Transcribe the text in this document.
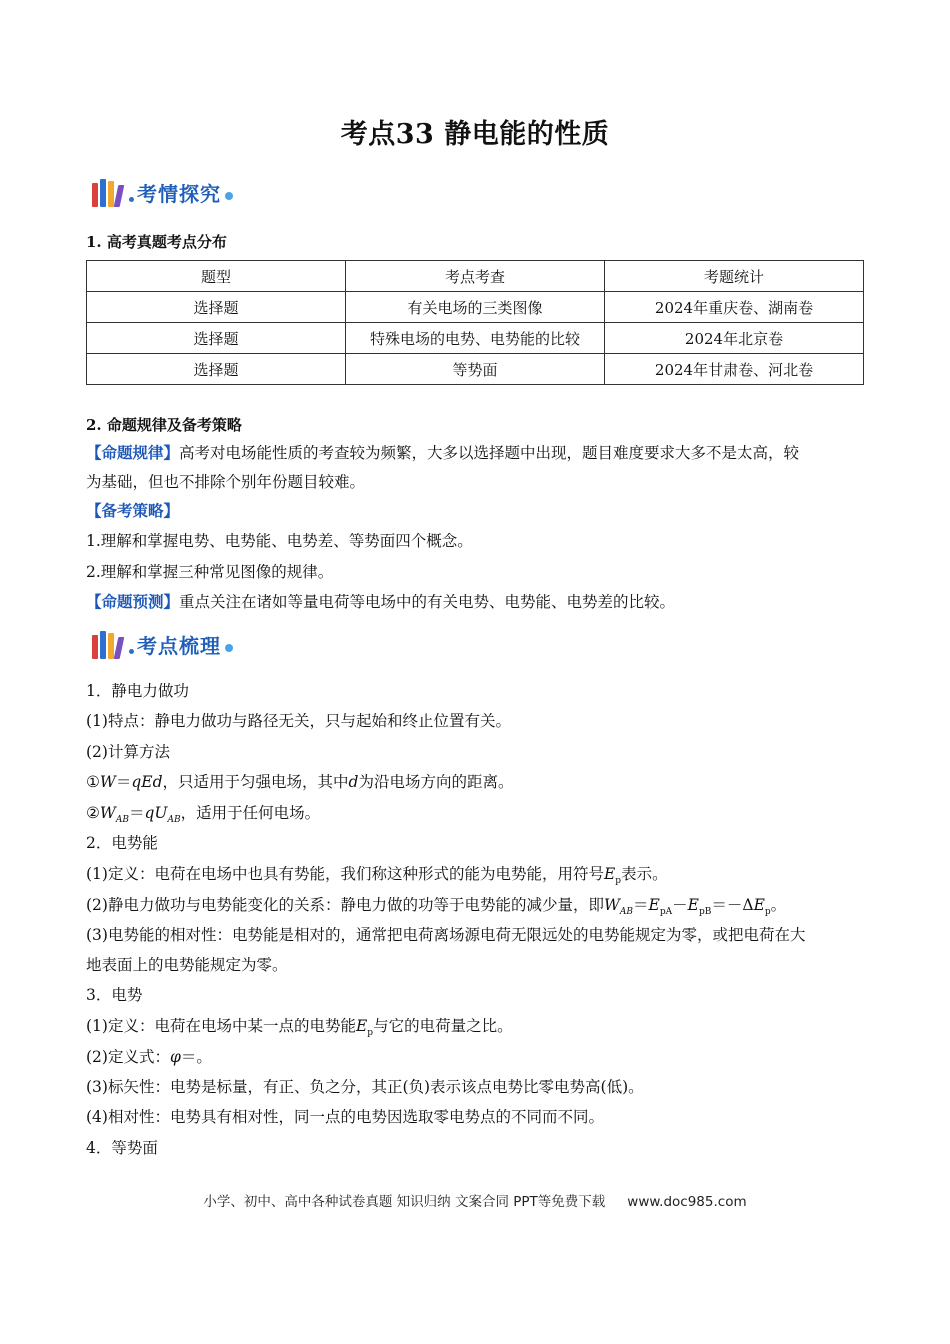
考点33 静电能的性质
考情探究
1. 高考真题考点分布
题型	考点考查	考题统计
选择题	有关电场的三类图像	2024年重庆卷、湖南卷
选择题	特殊电场的电势、电势能的比较	2024年北京卷
选择题	等势面	2024年甘肃卷、河北卷
2. 命题规律及备考策略
【命题规律】高考对电场能性质的考查较为频繁，大多以选择题中出现，题目难度要求大多不是太高，较
为基础，但也不排除个别年份题目较难。
【备考策略】
1.理解和掌握电势、电势能、电势差、等势面四个概念。
2.理解和掌握三种常见图像的规律。
【命题预测】重点关注在诸如等量电荷等电场中的有关电势、电势能、电势差的比较。
考点梳理
1．静电力做功
(1)特点：静电力做功与路径无关，只与起始和终止位置有关。
(2)计算方法
①W＝qEd，只适用于匀强电场，其中d为沿电场方向的距离。
$②W_{AB}=qU_{AB}$，适用于任何电场。
2．电势能
(1)定义：电荷在电场中也具有势能，我们称这种形式的能为电势能，用符号$E_p$表示。
(2)静电力做功与电势能变化的关系：静电力做的功等于电势能的减少量，即$W_{AB}=E_{pA}-E_{pB}=-\Delta E_p$。
(3)电势能的相对性：电势能是相对的，通常把电荷离场源电荷无限远处的电势能规定为零，或把电荷在大
地表面上的电势能规定为零。
3．电势
(1)定义：电荷在电场中某一点的电势能$E_p$与它的电荷量之比。
(2)定义式：φ＝。
(3)标矢性：电势是标量，有正、负之分，其正(负)表示该点电势比零电势高(低)。
(4)相对性：电势具有相对性，同一点的电势因选取零电势点的不同而不同。
4．等势面
小学、初中、高中各种试卷真题 知识归纳 文案合同 PPT等免费下载 www.doc985.com
